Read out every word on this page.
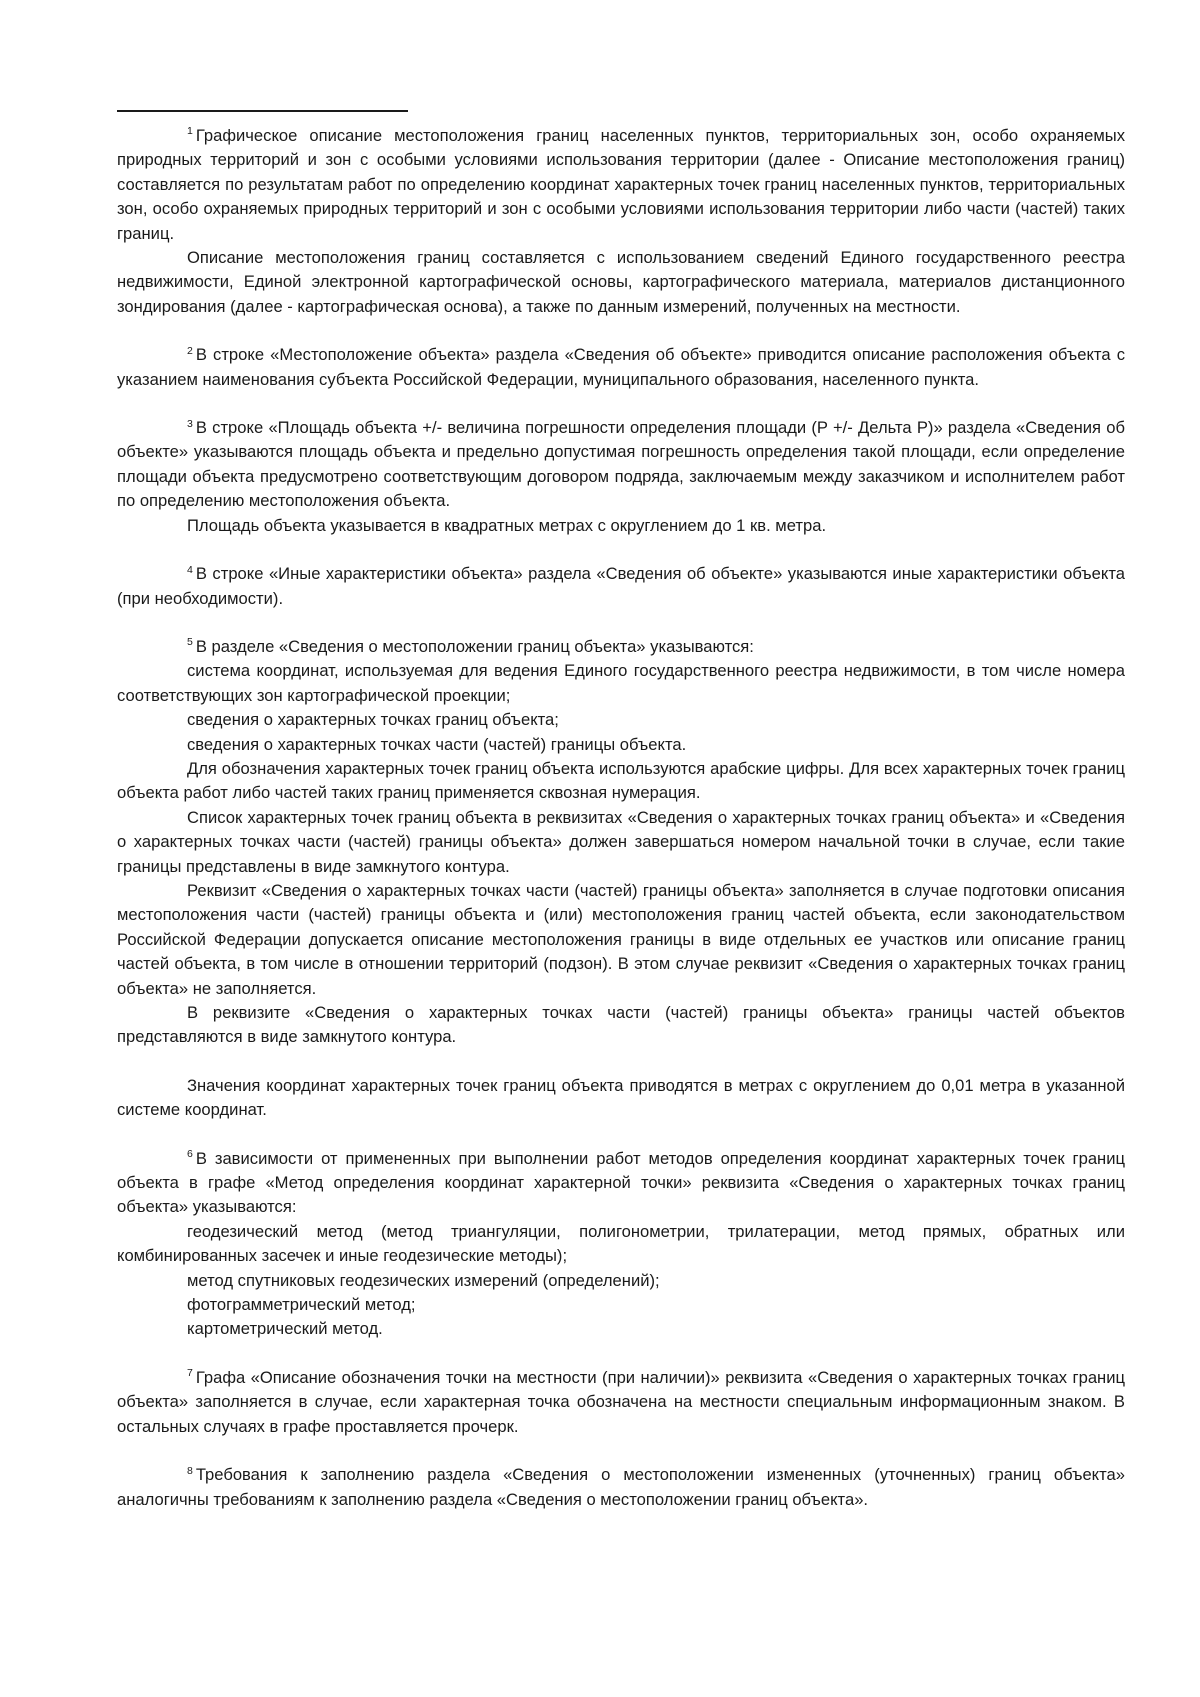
$^1$ Графическое описание местоположения границ населенных пунктов, территориальных зон, особо охраняемых природных территорий и зон с особыми условиями использования территории (далее - Описание местоположения границ) составляется по результатам работ по определению координат характерных точек границ населенных пунктов, территориальных зон, особо охраняемых природных территорий и зон с особыми условиями использования территории либо части (частей) таких границ.

Описание местоположения границ составляется с использованием сведений Единого государственного реестра недвижимости, Единой электронной картографической основы, картографического материала, материалов дистанционного зондирования (далее - картографическая основа), а также по данным измерений, полученных на местности.

$^2$ В строке «Местоположение объекта» раздела «Сведения об объекте» приводится описание расположения объекта с указанием наименования субъекта Российской Федерации, муниципального образования, населенного пункта.

$^3$ В строке «Площадь объекта +/- величина погрешности определения площади (P +/- Дельта P)» раздела «Сведения об объекте» указываются площадь объекта и предельно допустимая погрешность определения такой площади, если определение площади объекта предусмотрено соответствующим договором подряда, заключаемым между заказчиком и исполнителем работ по определению местоположения объекта.

Площадь объекта указывается в квадратных метрах с округлением до 1 кв. метра.

$^4$ В строке «Иные характеристики объекта» раздела «Сведения об объекте» указываются иные характеристики объекта (при необходимости).

$^5$ В разделе «Сведения о местоположении границ объекта» указываются:

система координат, используемая для ведения Единого государственного реестра недвижимости, в том числе номера соответствующих зон картографической проекции;

сведения о характерных точках границ объекта;

сведения о характерных точках части (частей) границы объекта.

Для обозначения характерных точек границ объекта используются арабские цифры. Для всех характерных точек границ объекта работ либо частей таких границ применяется сквозная нумерация.

Список характерных точек границ объекта в реквизитах «Сведения о характерных точках границ объекта» и «Сведения о характерных точках части (частей) границы объекта» должен завершаться номером начальной точки в случае, если такие границы представлены в виде замкнутого контура.

Реквизит «Сведения о характерных точках части (частей) границы объекта» заполняется в случае подготовки описания местоположения части (частей) границы объекта и (или) местоположения границ частей объекта, если законодательством Российской Федерации допускается описание местоположения границы в виде отдельных ее участков или описание границ частей объекта, в том числе в отношении территорий (подзон). В этом случае реквизит «Сведения о характерных точках границ объекта» не заполняется.

В реквизите «Сведения о характерных точках части (частей) границы объекта» границы частей объектов представляются в виде замкнутого контура.

Значения координат характерных точек границ объекта приводятся в метрах с округлением до 0,01 метра в указанной системе координат.

$^6$ В зависимости от примененных при выполнении работ методов определения координат характерных точек границ объекта в графе «Метод определения координат характерной точки» реквизита «Сведения о характерных точках границ объекта» указываются:

геодезический метод (метод триангуляции, полигонометрии, трилатерации, метод прямых, обратных или комбинированных засечек и иные геодезические методы);

метод спутниковых геодезических измерений (определений);

фотограмметрический метод;

картометрический метод.

$^7$ Графа «Описание обозначения точки на местности (при наличии)» реквизита «Сведения о характерных точках границ объекта» заполняется в случае, если характерная точка обозначена на местности специальным информационным знаком. В остальных случаях в графе проставляется прочерк.

$^8$ Требования к заполнению раздела «Сведения о местоположении измененных (уточненных) границ объекта» аналогичны требованиям к заполнению раздела «Сведения о местоположении границ объекта».
